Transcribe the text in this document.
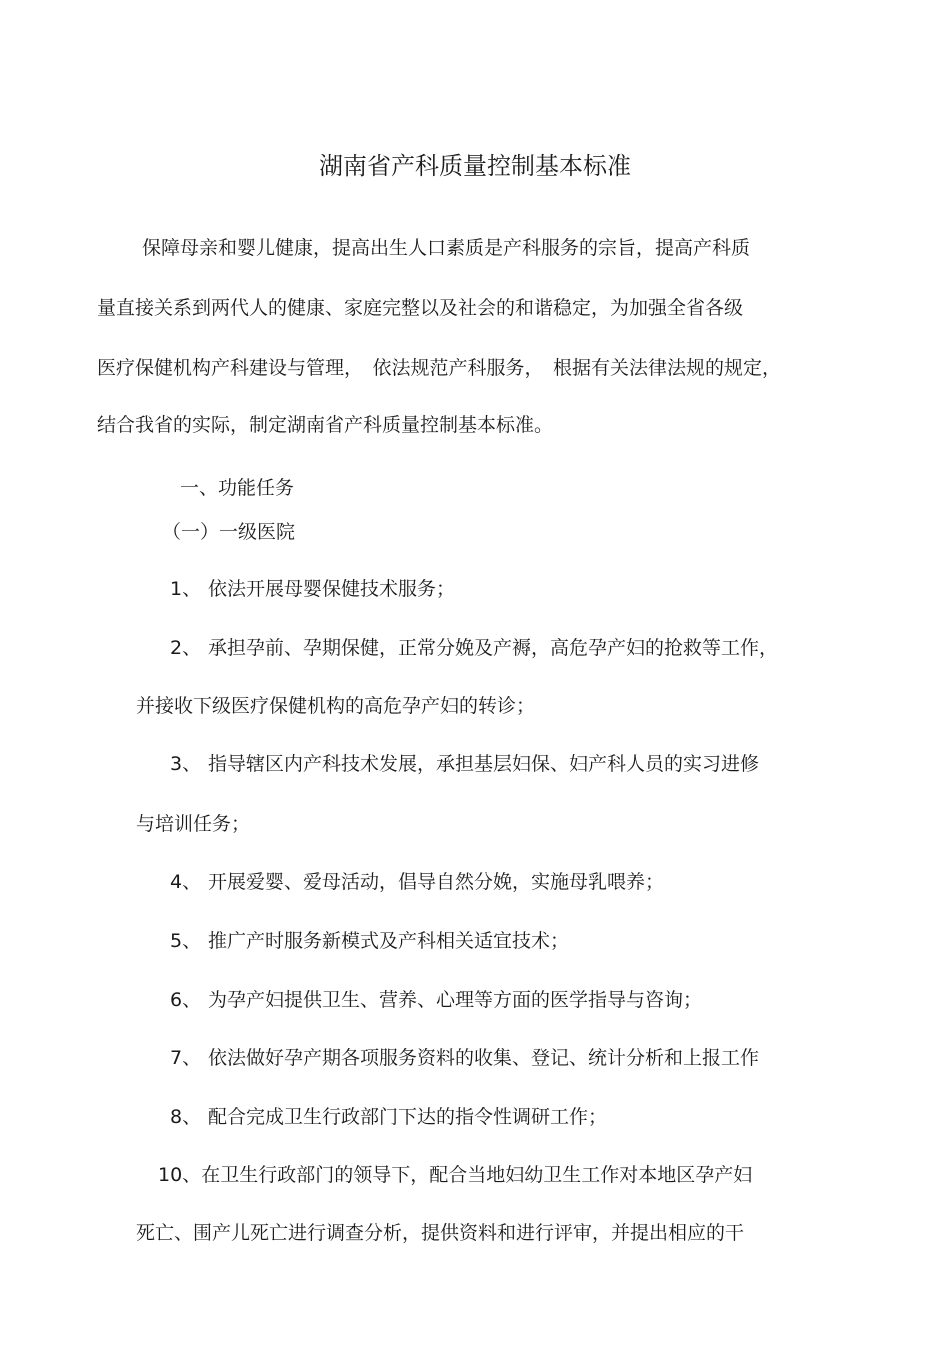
湖南省产科质量控制基本标准
保障母亲和婴儿健康，提高出生人口素质是产科服务的宗旨，提高产科质
量直接关系到两代人的健康、家庭完整以及社会的和谐稳定，为加强全省各级
医疗保健机构产科建设与管理，　依法规范产科服务，　根据有关法律法规的规定，
结合我省的实际，制定湖南省产科质量控制基本标准。
一、功能任务
（一）一级医院
1、 依法开展母婴保健技术服务；
2、 承担孕前、孕期保健，正常分娩及产褥，高危孕产妇的抢救等工作，
并接收下级医疗保健机构的高危孕产妇的转诊；
3、 指导辖区内产科技术发展，承担基层妇保、妇产科人员的实习进修
与培训任务；
4、 开展爱婴、爱母活动，倡导自然分娩，实施母乳喂养；
5、 推广产时服务新模式及产科相关适宜技术；
6、 为孕产妇提供卫生、营养、心理等方面的医学指导与咨询；
7、 依法做好孕产期各项服务资料的收集、登记、统计分析和上报工作
8、 配合完成卫生行政部门下达的指令性调研工作；
10、在卫生行政部门的领导下，配合当地妇幼卫生工作对本地区孕产妇
死亡、围产儿死亡进行调查分析，提供资料和进行评审，并提出相应的干
